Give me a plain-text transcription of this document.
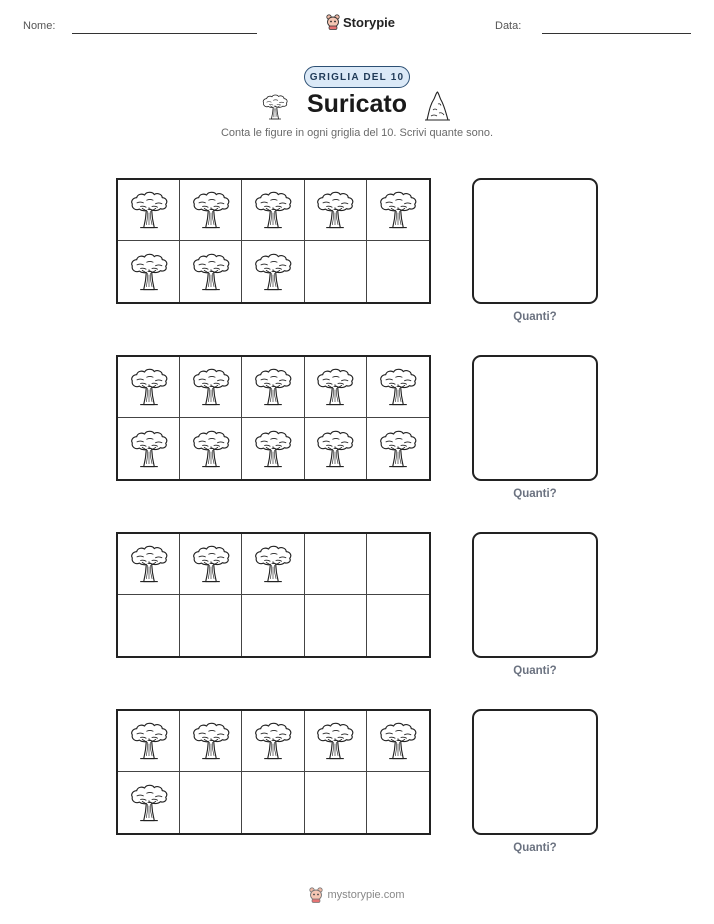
Nome:	Storypie	Data:
GRIGLIA DEL 10
Suricato
Conta le figure in ogni griglia del 10. Scrivi quante sono.
Quanti?
Quanti?
Quanti?
Quanti?
mystorypie.com
